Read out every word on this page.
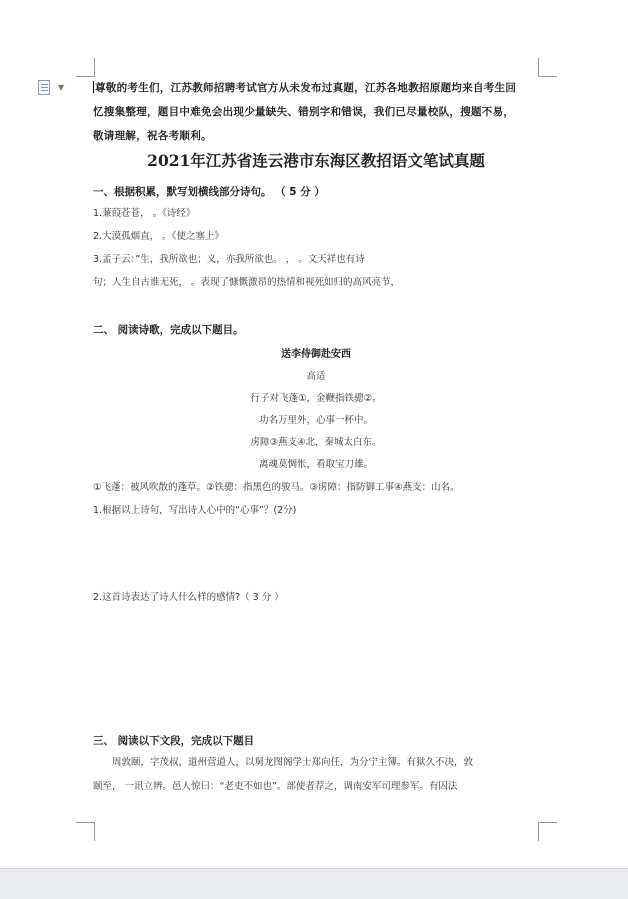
▼	尊敬的考生们，江苏教师招聘考试官方从未发布过真题，江苏各地教招原题均来自考生回

忆搜集整理，题目中难免会出现少量缺失、错别字和错误，我们已尽量校队，搜题不易，

敬请理解，祝各考顺利。

2021年江苏省连云港市东海区教招语文笔试真题

一、根据积累，默写划横线部分诗句。 （ 5 分 ）

1.蒹葭苍苍， 。《诗经》

2.大漠孤烟直， 。《使之塞上》

3.孟子云：”生，我所欲也；义，亦我所欲也。 ， 。文天祥也有诗

句；人生自古谁无死， 。表现了慷慨激昂的热情和视死如归的高风亮节，

二、 阅读诗歌，完成以下题目。

送李侍御赴安西

高适

行子对飞蓬①，金鞭指铁骢②。

功名万里外，心事一杯中。

虏障③燕支④北，秦城太白东。

离魂莫惆怅，看取宝刀雄。

①飞蓬：被风吹散的蓬草。②铁骢：指黑色的骏马。③虏障：指防御工事④燕支：山名。

1.根据以上诗句，写出诗人心中的“心事”？(2分)

2.这首诗表达了诗人什么样的感情?（ 3 分 ）

三、 阅读以下文段，完成以下题目

周敦颐，字茂叔，道州营道人，以舅龙图阁学士郑向任，为分宁主簿。有狱久不决，敦

颐至， 一讯立辨。邑人惊曰：“老吏不如也”。部使者荐之，调南安军司理参军。有囚法
